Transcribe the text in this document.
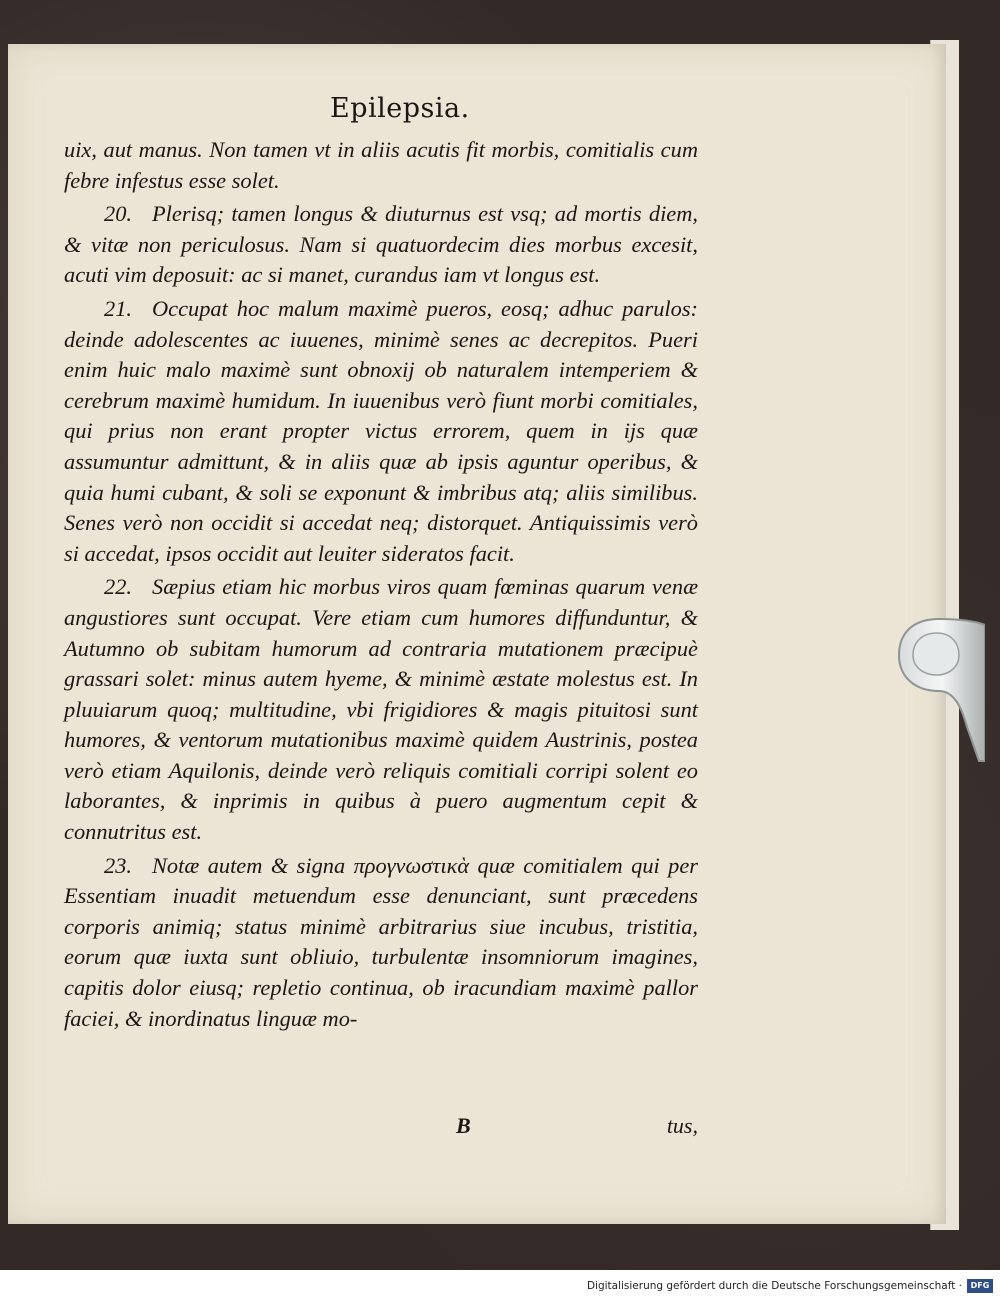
Epilepsia.

uix, aut manus. Non tamen vt in aliis acutis fit morbis, comitialis cum febre infestus esse solet.

20. Plerisq; tamen longus & diuturnus est vsq; ad mortis diem, & vitæ non periculosus. Nam si quatuordecim dies morbus excesit, acuti vim deposuit: ac si manet, curandus iam vt longus est.

21. Occupat hoc malum maximè pueros, eosq; adhuc parulos: deinde adolescentes ac iuuenes, minimè senes ac decrepitos. Pueri enim huic malo maximè sunt obnoxij ob naturalem intemperiem & cerebrum maximè humidum. In iuuenibus verò fiunt morbi comitiales, qui prius non erant propter victus errorem, quem in ijs quæ assumuntur admittunt, & in aliis quæ ab ipsis aguntur operibus, & quia humi cubant, & soli se exponunt & imbribus atq; aliis similibus. Senes verò non occidit si accedat neq; distorquet. Antiquissimis verò si accedat, ipsos occidit aut leuiter sideratos facit.

22. Sæpius etiam hic morbus viros quam fœminas quarum venæ angustiores sunt occupat. Vere etiam cum humores diffunduntur, & Autumno ob subitam humorum ad contraria mutationem præcipuè grassari solet: minus autem hyeme, & minimè æstate molestus est. In pluuiarum quoq; multitudine, vbi frigidiores & magis pituitosi sunt humores, & ventorum mutationibus maximè quidem Austrinis, postea verò etiam Aquilonis, deinde verò reliquis comitiali corripi solent eo laborantes, & inprimis in quibus à puero augmentum cepit & connutritus est.

23. Notæ autem & signa προγνωστικὰ quæ comitialem qui per Essentiam inuadit metuendum esse denunciant, sunt præcedens corporis animiq; status minimè arbitrarius siue incubus, tristitia, eorum quæ iuxta sunt obliuio, turbulentæ insomniorum imagines, capitis dolor eiusq; repletio continua, ob iracundiam maximè pallor faciei, & inordinatus linguæ mo-

B	tus,
Digitalisierung gefördert durch die Deutsche Forschungsgemeinschaft ·	DFG
